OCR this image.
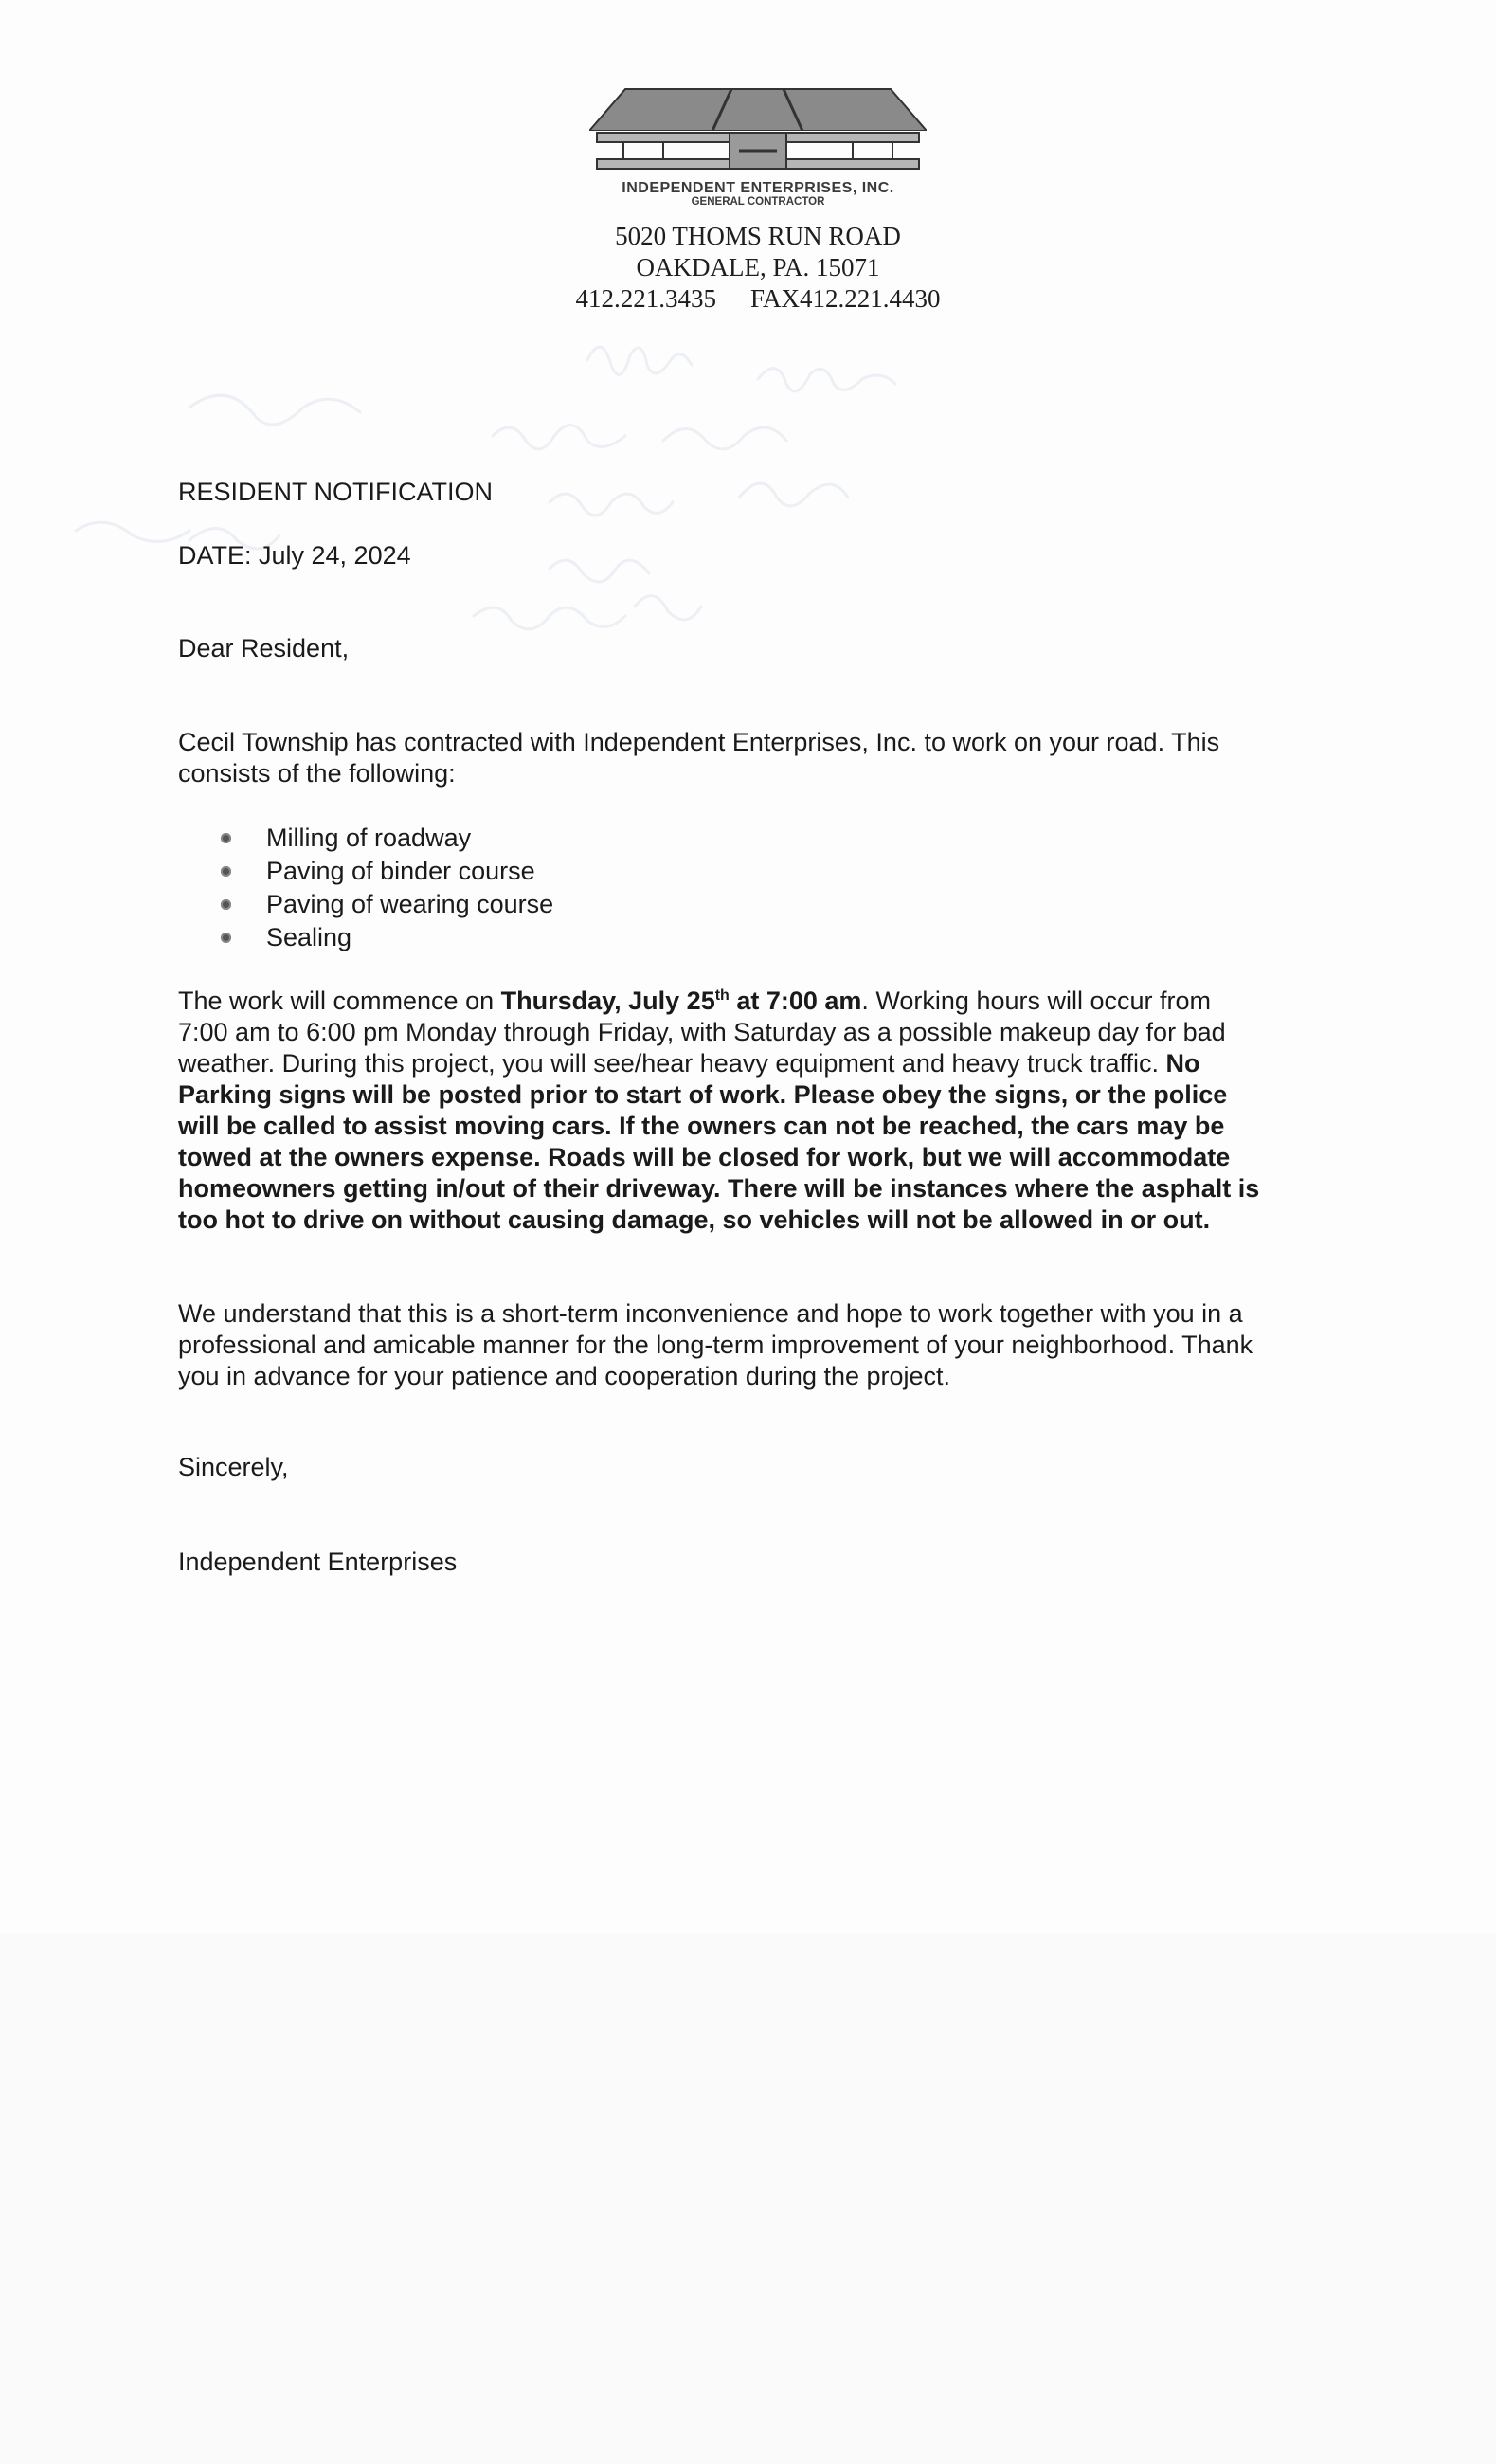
INDEPENDENT ENTERPRISES, INC.
GENERAL CONTRACTOR
5020 THOMS RUN ROAD
OAKDALE, PA. 15071
412.221.3435 FAX412.221.4430
RESIDENT NOTIFICATION
DATE: July 24, 2024
Dear Resident,

Cecil Township has contracted with Independent Enterprises, Inc. to work on your road. This consists of the following:

Milling of roadway
Paving of binder course
Paving of wearing course
Sealing

The work will commence on Thursday, July 25th at 7:00 am. Working hours will occur from 7:00 am to 6:00 pm Monday through Friday, with Saturday as a possible makeup day for bad weather. During this project, you will see/hear heavy equipment and heavy truck traffic. No Parking signs will be posted prior to start of work. Please obey the signs, or the police will be called to assist moving cars. If the owners can not be reached, the cars may be towed at the owners expense. Roads will be closed for work, but we will accommodate homeowners getting in/out of their driveway. There will be instances where the asphalt is too hot to drive on without causing damage, so vehicles will not be allowed in or out.

We understand that this is a short-term inconvenience and hope to work together with you in a professional and amicable manner for the long-term improvement of your neighborhood. Thank you in advance for your patience and cooperation during the project.

Sincerely,
Independent Enterprises
